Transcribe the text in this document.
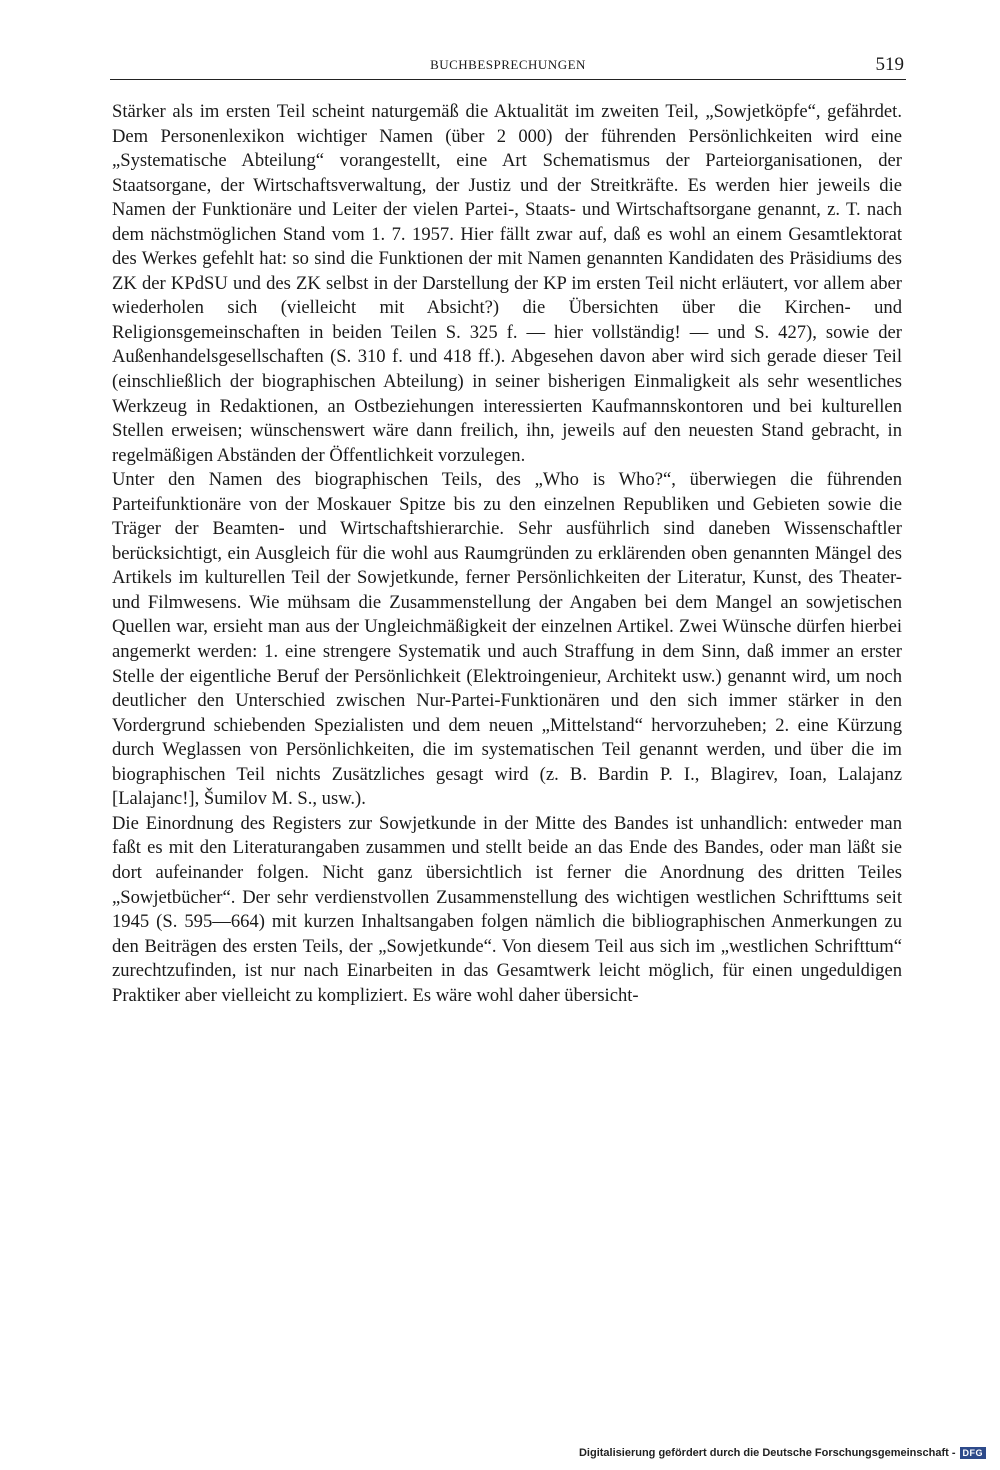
BUCHBESPRECHUNGEN	519

Stärker als im ersten Teil scheint naturgemäß die Aktualität im zweiten Teil, „Sowjetköpfe“, gefährdet. Dem Personenlexikon wichtiger Namen (über 2 000) der führenden Persönlichkeiten wird eine „Systematische Abteilung“ vorangestellt, eine Art Schematismus der Parteiorganisationen, der Staatsorgane, der Wirtschaftsverwaltung, der Justiz und der Streitkräfte. Es werden hier jeweils die Namen der Funktionäre und Leiter der vielen Partei-, Staats- und Wirtschaftsorgane genannt, z. T. nach dem nächstmöglichen Stand vom 1. 7. 1957. Hier fällt zwar auf, daß es wohl an einem Gesamtlektorat des Werkes gefehlt hat: so sind die Funktionen der mit Namen genannten Kandidaten des Präsidiums des ZK der KPdSU und des ZK selbst in der Darstellung der KP im ersten Teil nicht erläutert, vor allem aber wiederholen sich (vielleicht mit Absicht?) die Übersichten über die Kirchen- und Religionsgemeinschaften in beiden Teilen S. 325 f. — hier vollständig! — und S. 427), sowie der Außenhandelsgesellschaften (S. 310 f. und 418 ff.). Abgesehen davon aber wird sich gerade dieser Teil (einschließlich der biographischen Abteilung) in seiner bisherigen Einmaligkeit als sehr wesentliches Werkzeug in Redaktionen, an Ostbeziehungen interessierten Kaufmannskontoren und bei kulturellen Stellen erweisen; wünschenswert wäre dann freilich, ihn, jeweils auf den neuesten Stand gebracht, in regelmäßigen Abständen der Öffentlichkeit vorzulegen.

Unter den Namen des biographischen Teils, des „Who is Who?“, überwiegen die führenden Parteifunktionäre von der Moskauer Spitze bis zu den einzelnen Republiken und Gebieten sowie die Träger der Beamten- und Wirtschaftshierarchie. Sehr ausführlich sind daneben Wissenschaftler berücksichtigt, ein Ausgleich für die wohl aus Raumgründen zu erklärenden oben genannten Mängel des Artikels im kulturellen Teil der Sowjetkunde, ferner Persönlichkeiten der Literatur, Kunst, des Theater- und Filmwesens. Wie mühsam die Zusammenstellung der Angaben bei dem Mangel an sowjetischen Quellen war, ersieht man aus der Ungleichmäßigkeit der einzelnen Artikel. Zwei Wünsche dürfen hierbei angemerkt werden: 1. eine strengere Systematik und auch Straffung in dem Sinn, daß immer an erster Stelle der eigentliche Beruf der Persönlichkeit (Elektroingenieur, Architekt usw.) genannt wird, um noch deutlicher den Unterschied zwischen Nur-Partei-Funktionären und den sich immer stärker in den Vordergrund schiebenden Spezialisten und dem neuen „Mittelstand“ hervorzuheben; 2. eine Kürzung durch Weglassen von Persönlichkeiten, die im systematischen Teil genannt werden, und über die im biographischen Teil nichts Zusätzliches gesagt wird (z. B. Bardin P. I., Blagirev, Ioan, Lalajanz [Lalajanc!], Šumilov M. S., usw.).

Die Einordnung des Registers zur Sowjetkunde in der Mitte des Bandes ist unhandlich: entweder man faßt es mit den Literaturangaben zusammen und stellt beide an das Ende des Bandes, oder man läßt sie dort aufeinander folgen. Nicht ganz übersichtlich ist ferner die Anordnung des dritten Teiles „Sowjetbücher“. Der sehr verdienstvollen Zusammenstellung des wichtigen westlichen Schrifttums seit 1945 (S. 595—664) mit kurzen Inhaltsangaben folgen nämlich die bibliographischen Anmerkungen zu den Beiträgen des ersten Teils, der „Sowjetkunde“. Von diesem Teil aus sich im „westlichen Schrifttum“ zurechtzufinden, ist nur nach Einarbeiten in das Gesamtwerk leicht möglich, für einen ungeduldigen Praktiker aber vielleicht zu kompliziert. Es wäre wohl daher übersicht-

Digitalisierung gefördert durch die Deutsche Forschungsgemeinschaft - DFG
